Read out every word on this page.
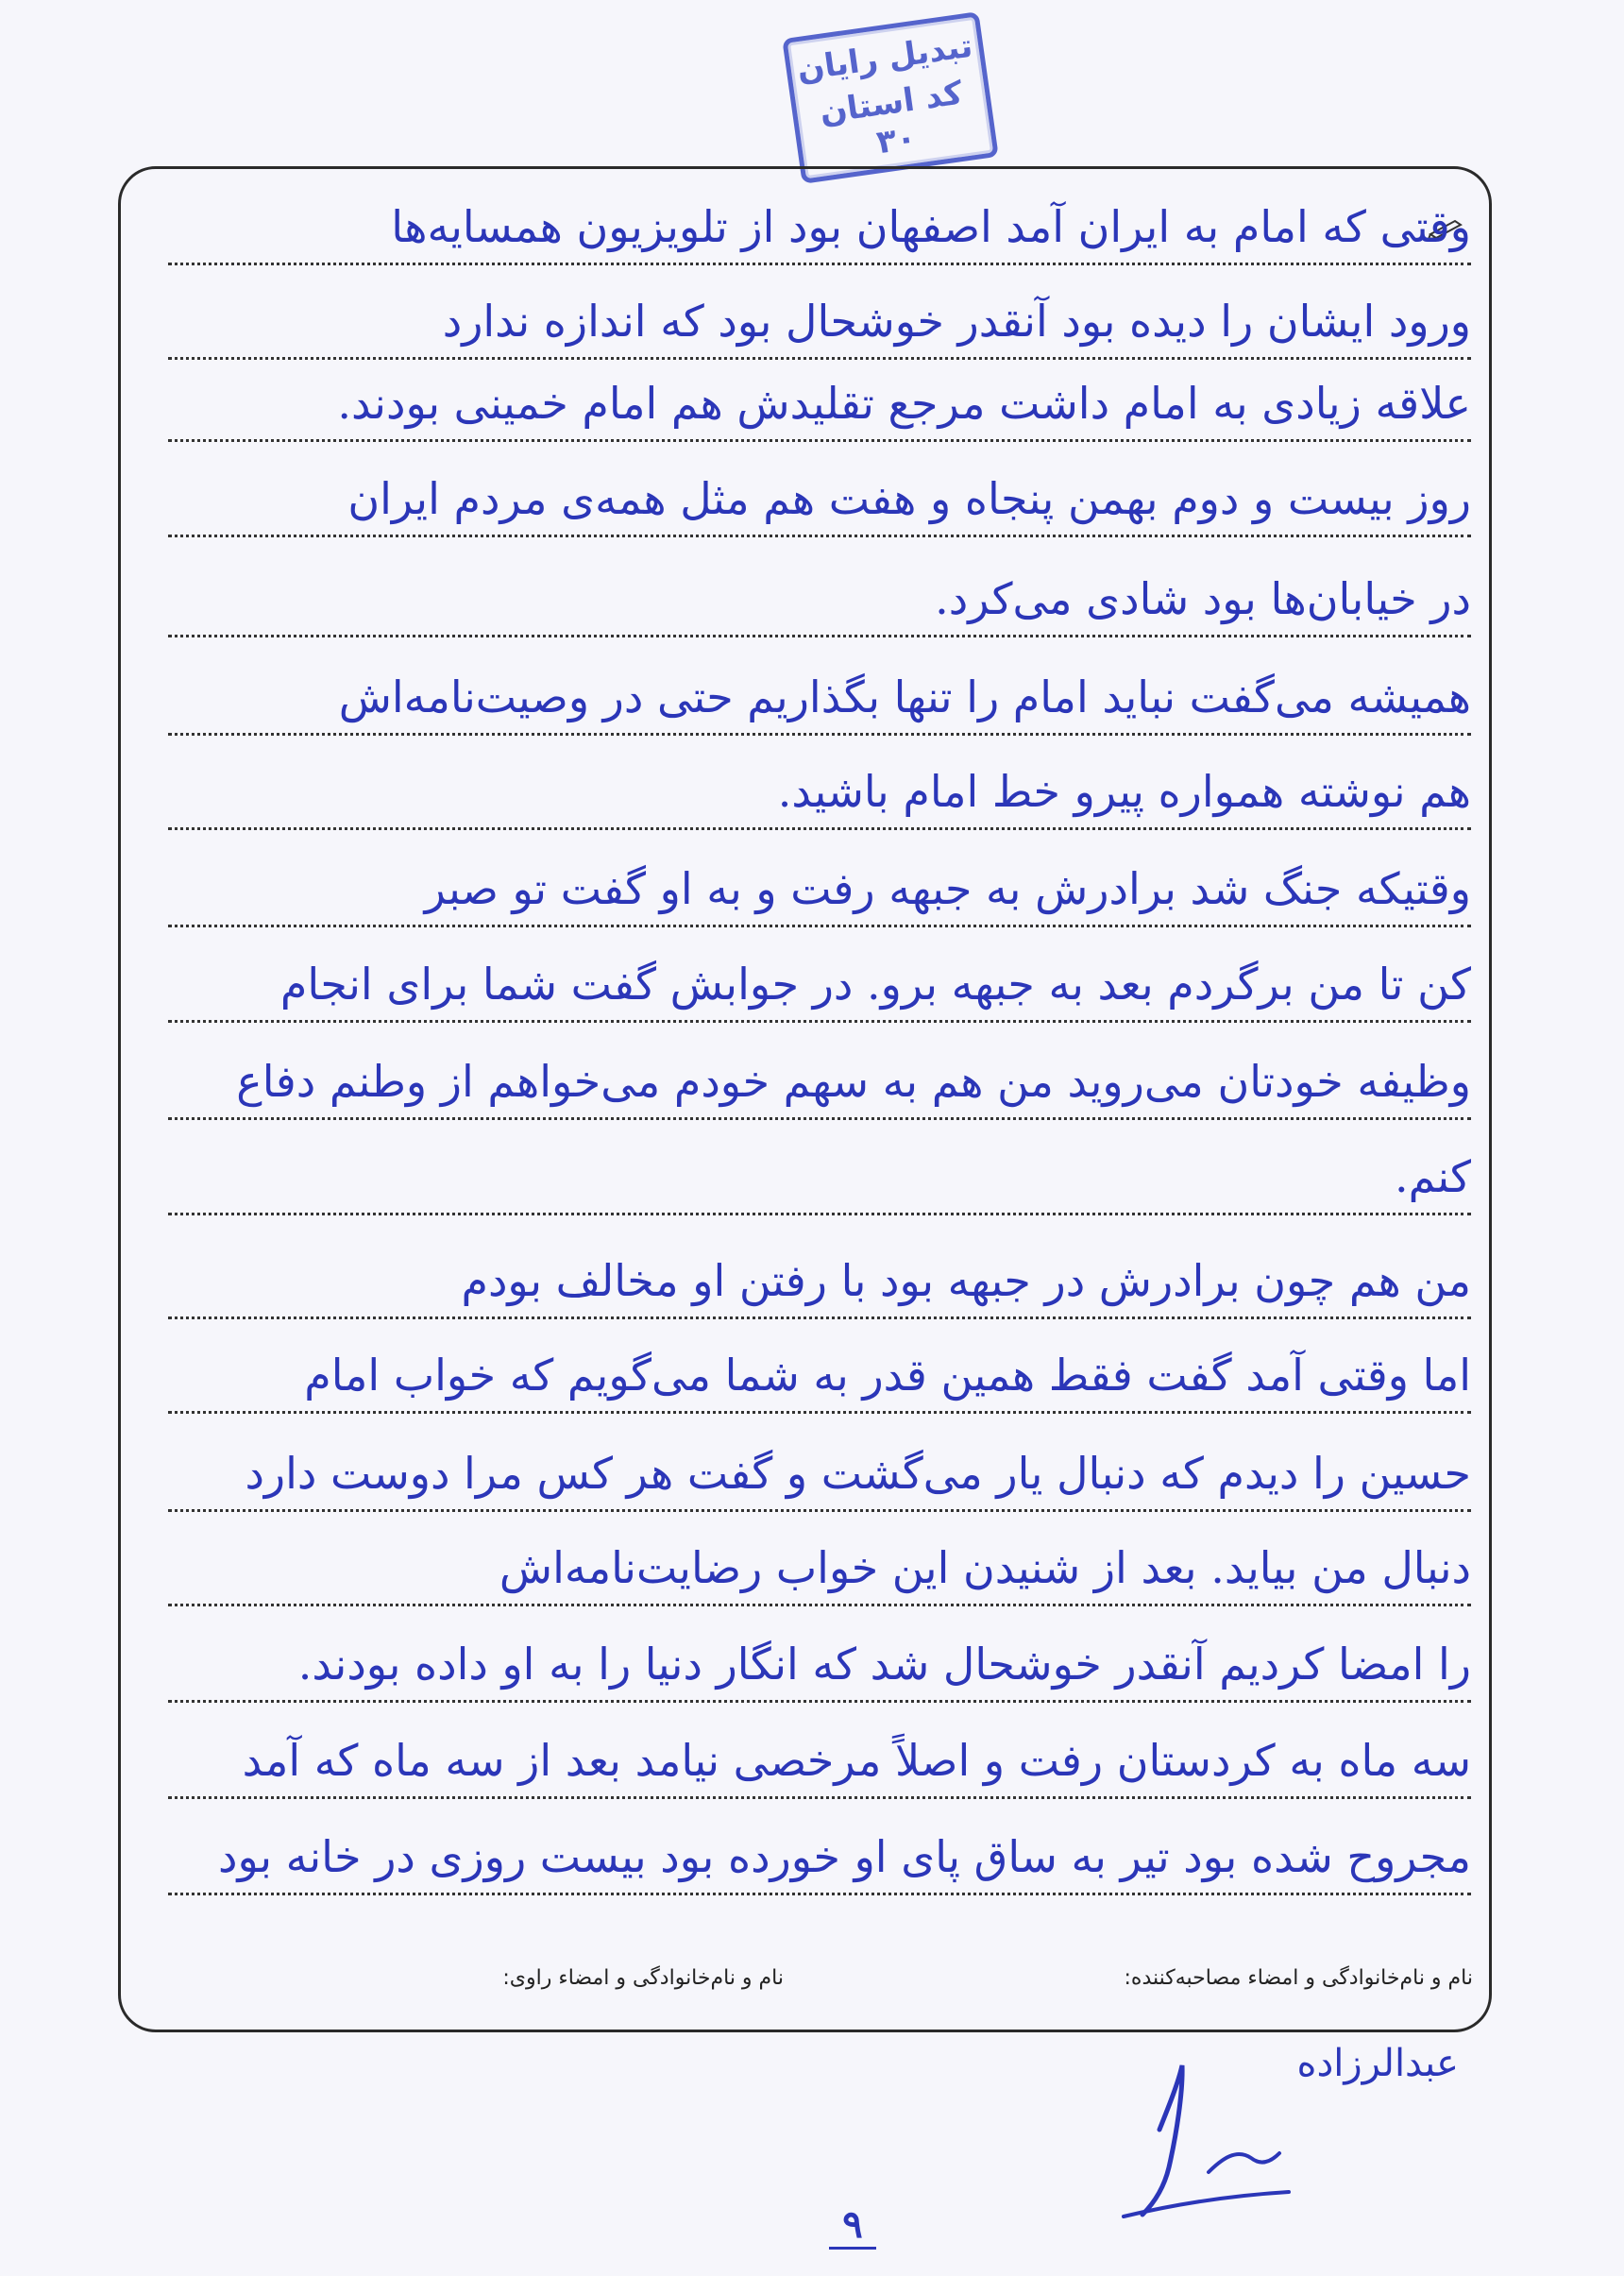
تبدیل رایان
کد استان ۳۰
وقتی که امام به ایران آمد اصفهان بود از تلویزیون همسایه‌ها
ورود ایشان را دیده بود آنقدر خوشحال بود که اندازه ندارد
علاقه زیادی به امام داشت مرجع تقلیدش هم امام خمینی بودند.
روز بیست و دوم بهمن پنجاه و هفت هم مثل همه‌ی مردم ایران
در خیابان‌ها بود شادی می‌کرد.
همیشه می‌گفت نباید امام را تنها بگذاریم حتی در وصیت‌نامه‌اش
هم نوشته همواره پیرو خط امام باشید.
وقتیکه جنگ شد برادرش به جبهه رفت و به او گفت تو صبر
کن تا من برگردم بعد به جبهه برو. در جوابش گفت شما برای انجام
وظیفه خودتان می‌روید من هم به سهم خودم می‌خواهم از وطنم دفاع
کنم.
من هم چون برادرش در جبهه بود با رفتن او مخالف بودم
اما وقتی آمد گفت فقط همین قدر به شما می‌گویم که خواب امام
حسین را دیدم که دنبال یار می‌گشت و گفت هر کس مرا دوست دارد
دنبال من بیاید. بعد از شنیدن این خواب رضایت‌نامه‌اش
را امضا کردیم آنقدر خوشحال شد که انگار دنیا را به او داده بودند.
سه ماه به کردستان رفت و اصلاً مرخصی نیامد بعد از سه ماه که آمد
مجروح شده بود تیر به ساق پای او خورده بود بیست روزی در خانه بود
نام و نام‌خانوادگی و امضاء مصاحبه‌کننده:
نام و نام‌خانوادگی و امضاء راوی:
عبدالرزاده
۹
